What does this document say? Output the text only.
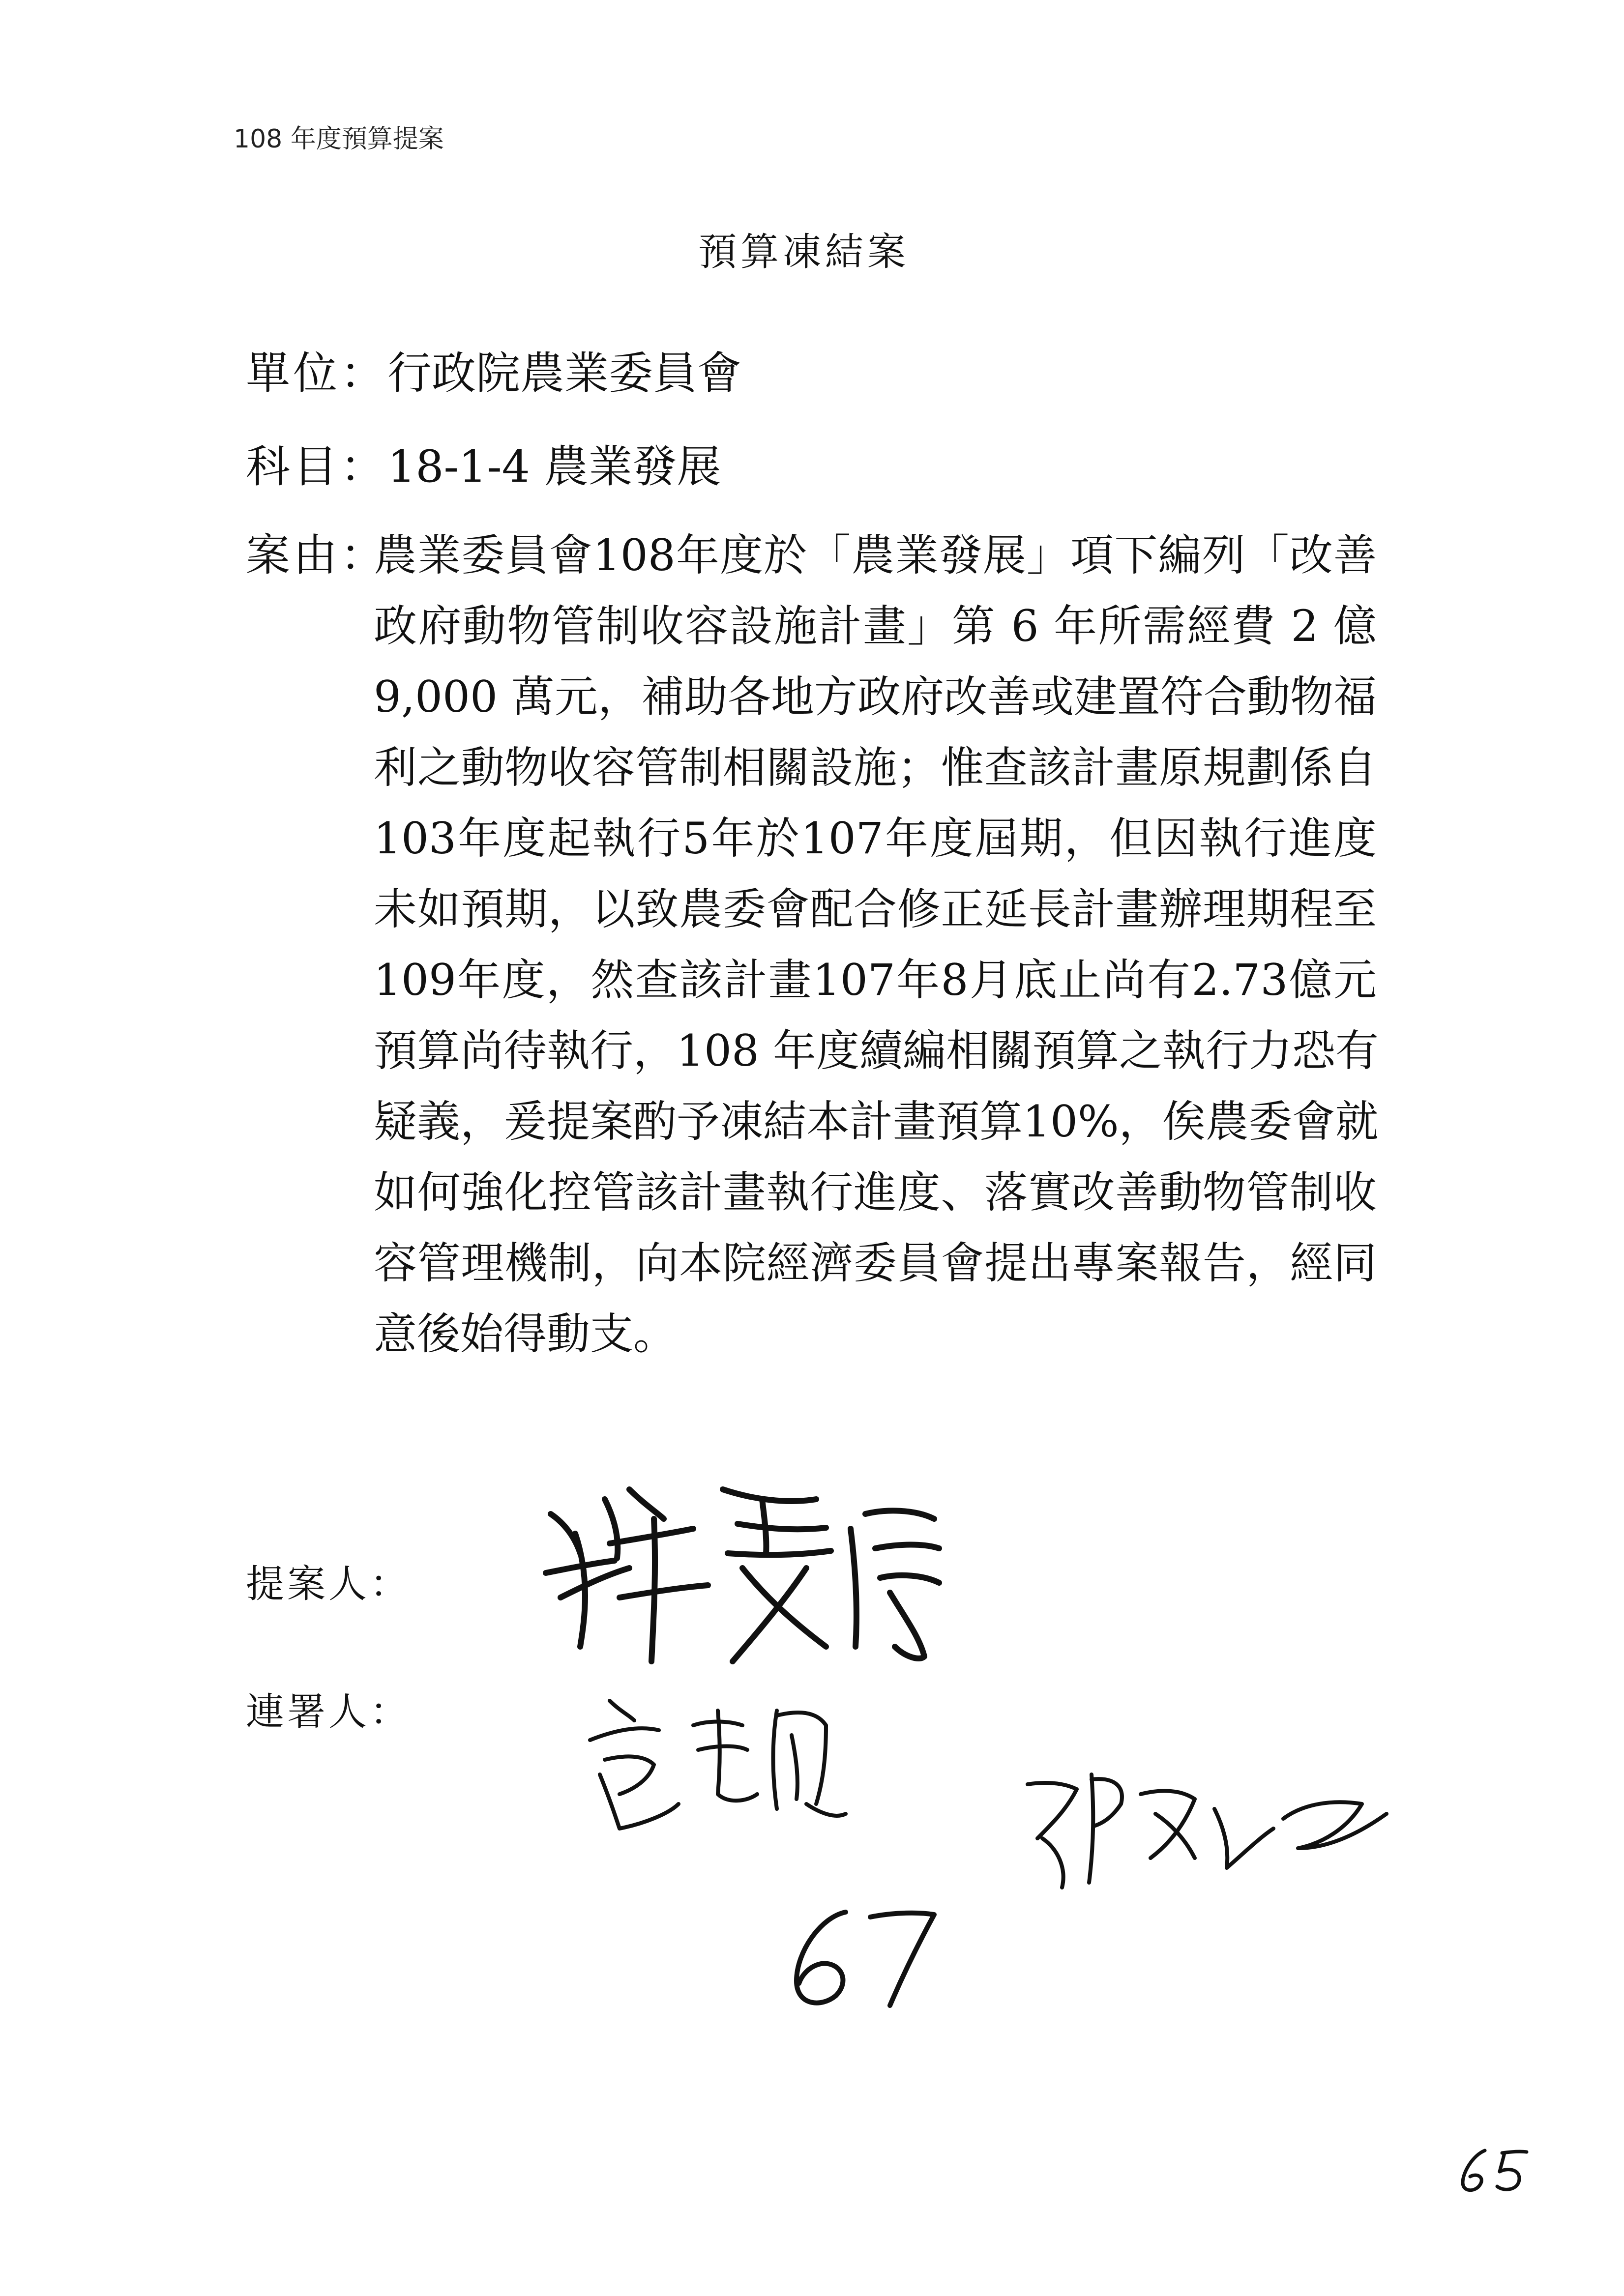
108 年度預算提案
預算凍結案
單位：行政院農業委員會
科目：18-1-4 農業發展
案由：
農業委員會108年度於「農業發展」項下編列「改善
政府動物管制收容設施計畫」第 6 年所需經費 2 億
9,000 萬元，補助各地方政府改善或建置符合動物福
利之動物收容管制相關設施；惟查該計畫原規劃係自
103年度起執行5年於107年度屆期，但因執行進度
未如預期，以致農委會配合修正延長計畫辦理期程至
109年度，然查該計畫107年8月底止尚有2.73億元
預算尚待執行，108 年度續編相關預算之執行力恐有
疑義，爰提案酌予凍結本計畫預算10%，俟農委會就
如何強化控管該計畫執行進度、落實改善動物管制收
容管理機制，向本院經濟委員會提出專案報告，經同
意後始得動支。
提案人：
連署人：
